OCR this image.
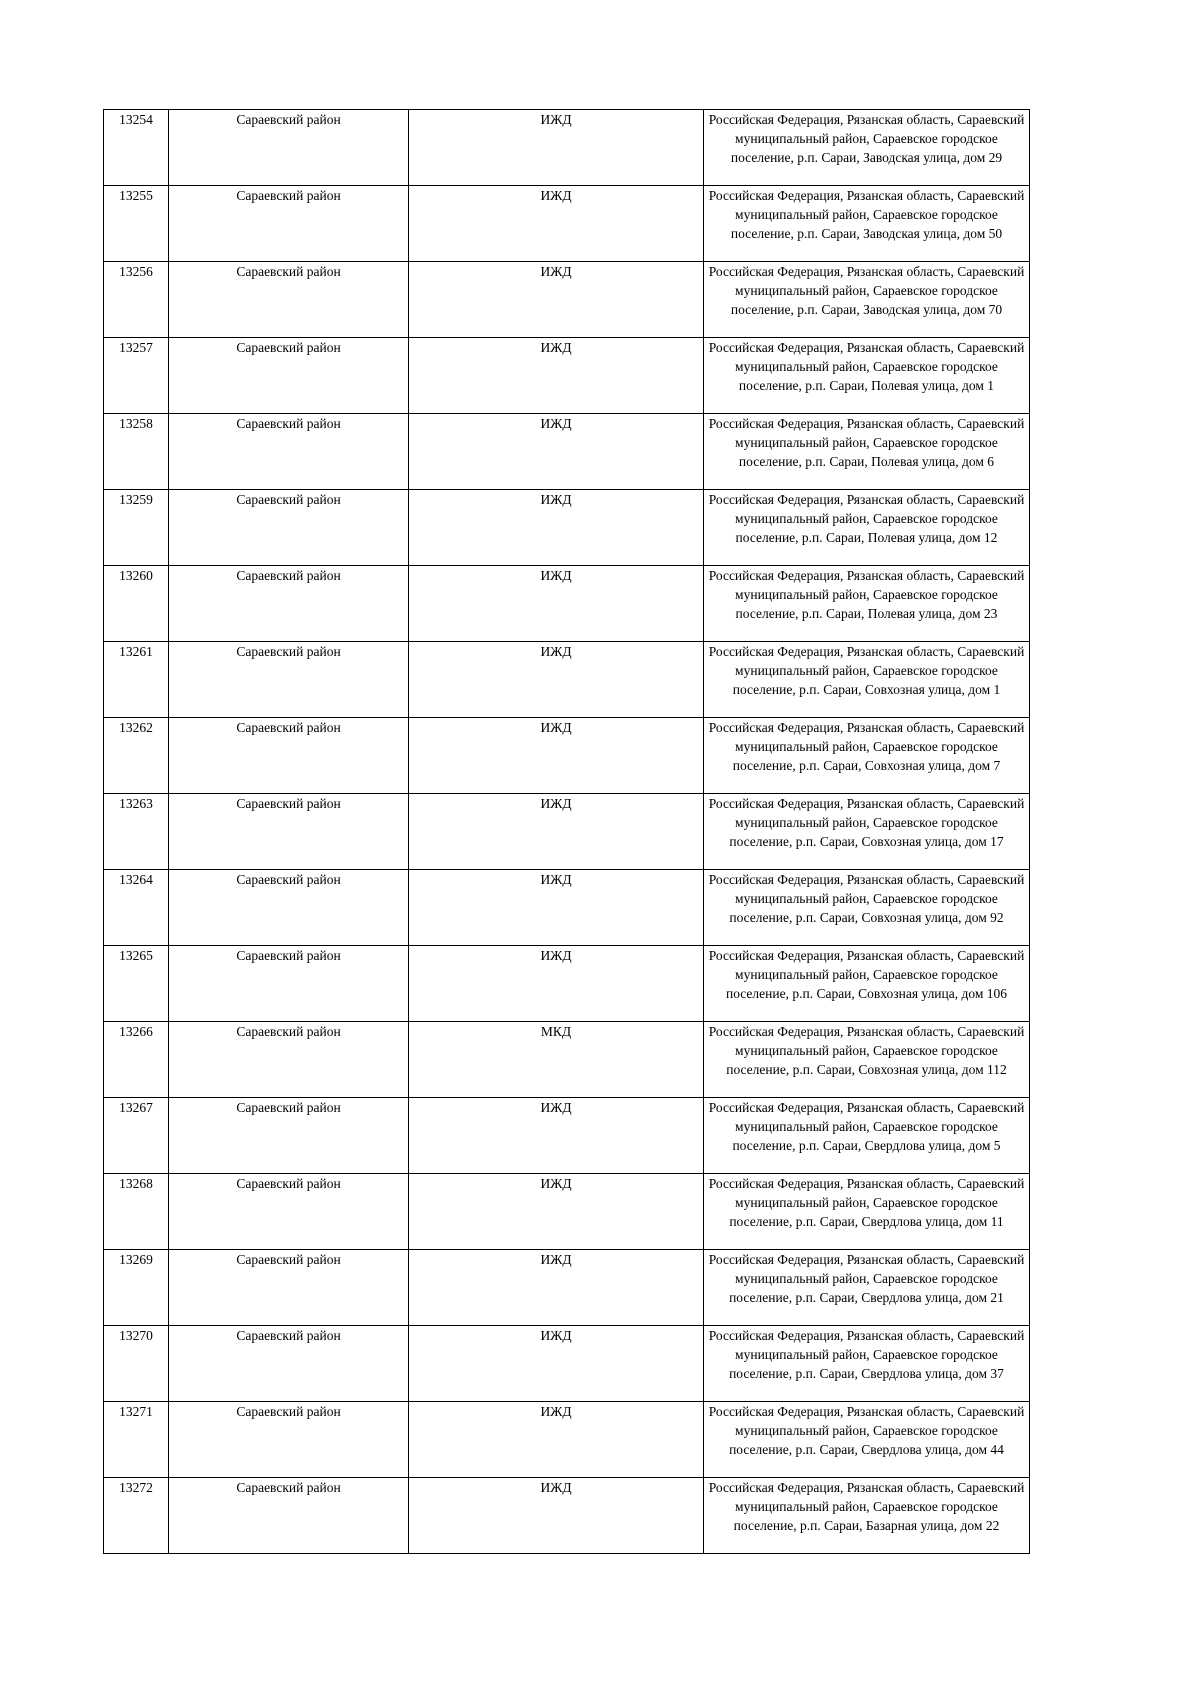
13254	Сараевский район	ИЖД	Российская Федерация, Рязанская область, Сараевский муниципальный район, Сараевское городское поселение, р.п. Сараи, Заводская улица, дом 29
13255	Сараевский район	ИЖД	Российская Федерация, Рязанская область, Сараевский муниципальный район, Сараевское городское поселение, р.п. Сараи, Заводская улица, дом 50
13256	Сараевский район	ИЖД	Российская Федерация, Рязанская область, Сараевский муниципальный район, Сараевское городское поселение, р.п. Сараи, Заводская улица, дом 70
13257	Сараевский район	ИЖД	Российская Федерация, Рязанская область, Сараевский муниципальный район, Сараевское городское поселение, р.п. Сараи, Полевая улица, дом 1
13258	Сараевский район	ИЖД	Российская Федерация, Рязанская область, Сараевский муниципальный район, Сараевское городское поселение, р.п. Сараи, Полевая улица, дом 6
13259	Сараевский район	ИЖД	Российская Федерация, Рязанская область, Сараевский муниципальный район, Сараевское городское поселение, р.п. Сараи, Полевая улица, дом 12
13260	Сараевский район	ИЖД	Российская Федерация, Рязанская область, Сараевский муниципальный район, Сараевское городское поселение, р.п. Сараи, Полевая улица, дом 23
13261	Сараевский район	ИЖД	Российская Федерация, Рязанская область, Сараевский муниципальный район, Сараевское городское поселение, р.п. Сараи, Совхозная улица, дом 1
13262	Сараевский район	ИЖД	Российская Федерация, Рязанская область, Сараевский муниципальный район, Сараевское городское поселение, р.п. Сараи, Совхозная улица, дом 7
13263	Сараевский район	ИЖД	Российская Федерация, Рязанская область, Сараевский муниципальный район, Сараевское городское поселение, р.п. Сараи, Совхозная улица, дом 17
13264	Сараевский район	ИЖД	Российская Федерация, Рязанская область, Сараевский муниципальный район, Сараевское городское поселение, р.п. Сараи, Совхозная улица, дом 92
13265	Сараевский район	ИЖД	Российская Федерация, Рязанская область, Сараевский муниципальный район, Сараевское городское поселение, р.п. Сараи, Совхозная улица, дом 106
13266	Сараевский район	МКД	Российская Федерация, Рязанская область, Сараевский муниципальный район, Сараевское городское поселение, р.п. Сараи, Совхозная улица, дом 112
13267	Сараевский район	ИЖД	Российская Федерация, Рязанская область, Сараевский муниципальный район, Сараевское городское поселение, р.п. Сараи, Свердлова улица, дом 5
13268	Сараевский район	ИЖД	Российская Федерация, Рязанская область, Сараевский муниципальный район, Сараевское городское поселение, р.п. Сараи, Свердлова улица, дом 11
13269	Сараевский район	ИЖД	Российская Федерация, Рязанская область, Сараевский муниципальный район, Сараевское городское поселение, р.п. Сараи, Свердлова улица, дом 21
13270	Сараевский район	ИЖД	Российская Федерация, Рязанская область, Сараевский муниципальный район, Сараевское городское поселение, р.п. Сараи, Свердлова улица, дом 37
13271	Сараевский район	ИЖД	Российская Федерация, Рязанская область, Сараевский муниципальный район, Сараевское городское поселение, р.п. Сараи, Свердлова улица, дом 44
13272	Сараевский район	ИЖД	Российская Федерация, Рязанская область, Сараевский муниципальный район, Сараевское городское поселение, р.п. Сараи, Базарная улица, дом 22
